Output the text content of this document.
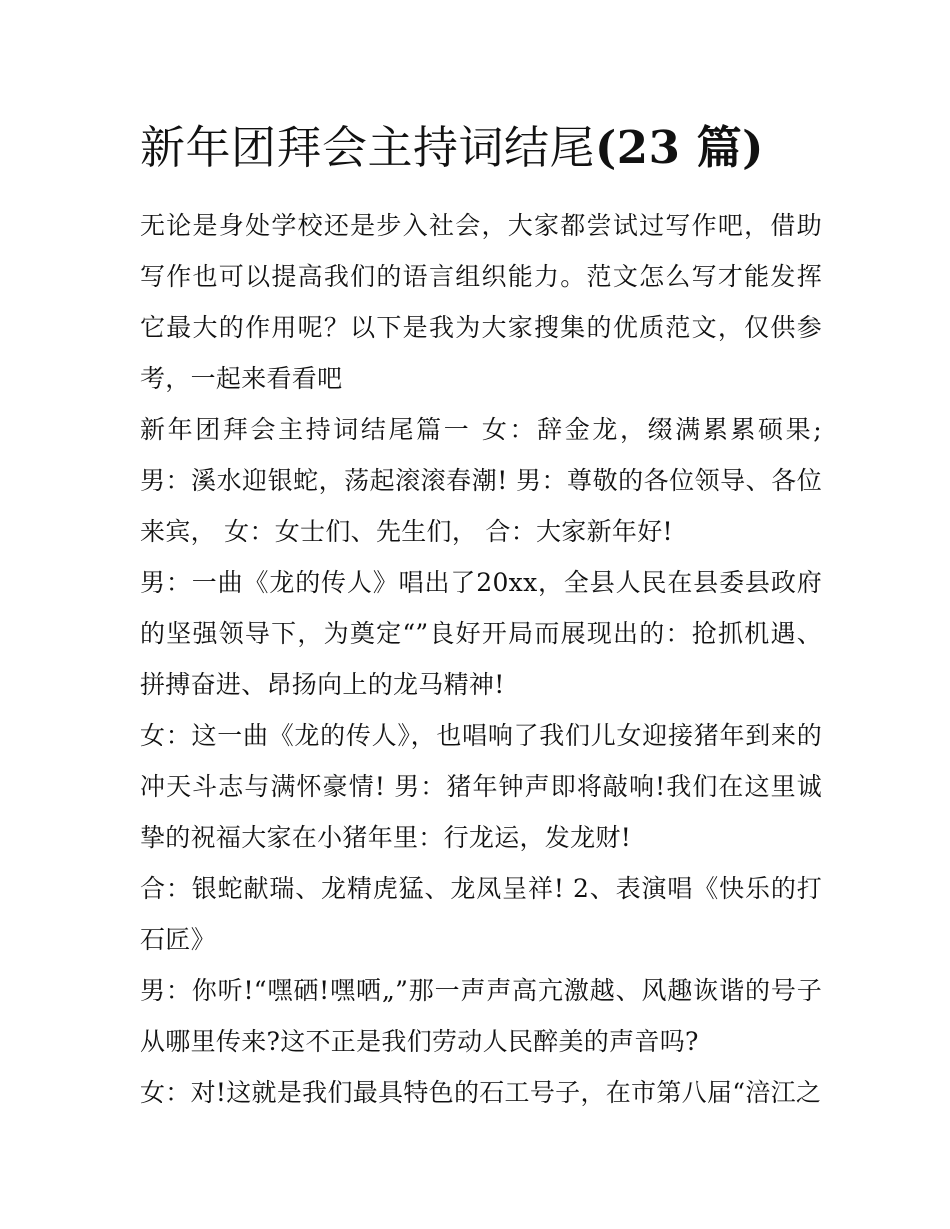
新年团拜会主持词结尾(23 篇)

无论是身处学校还是步入社会，大家都尝试过写作吧，借助写作也可以提高我们的语言组织能力。范文怎么写才能发挥它最大的作用呢？以下是我为大家搜集的优质范文，仅供参考，一起来看看吧

新年团拜会主持词结尾篇一 女：辞金龙，缀满累累硕果; 男：溪水迎银蛇，荡起滚滚春潮! 男：尊敬的各位领导、各位来宾， 女：女士们、先生们， 合：大家新年好!

男：一曲《龙的传人》唱出了20xx，全县人民在县委县政府的坚强领导下，为奠定“”良好开局而展现出的：抢抓机遇、拼搏奋进、昂扬向上的龙马精神!

女：这一曲《龙的传人》，也唱响了我们儿女迎接猪年到来的冲天斗志与满怀豪情! 男：猪年钟声即将敲响!我们在这里诚挚的祝福大家在小猪年里：行龙运，发龙财!

合：银蛇献瑞、龙精虎猛、龙凤呈祥! 2、表演唱《快乐的打石匠》

男：你听!“嘿硒!嘿哂„”那一声声高亢激越、风趣诙谐的号子从哪里传来?这不正是我们劳动人民醉美的声音吗?

女：对!这就是我们最具特色的石工号子，在市第八届“涪江之
